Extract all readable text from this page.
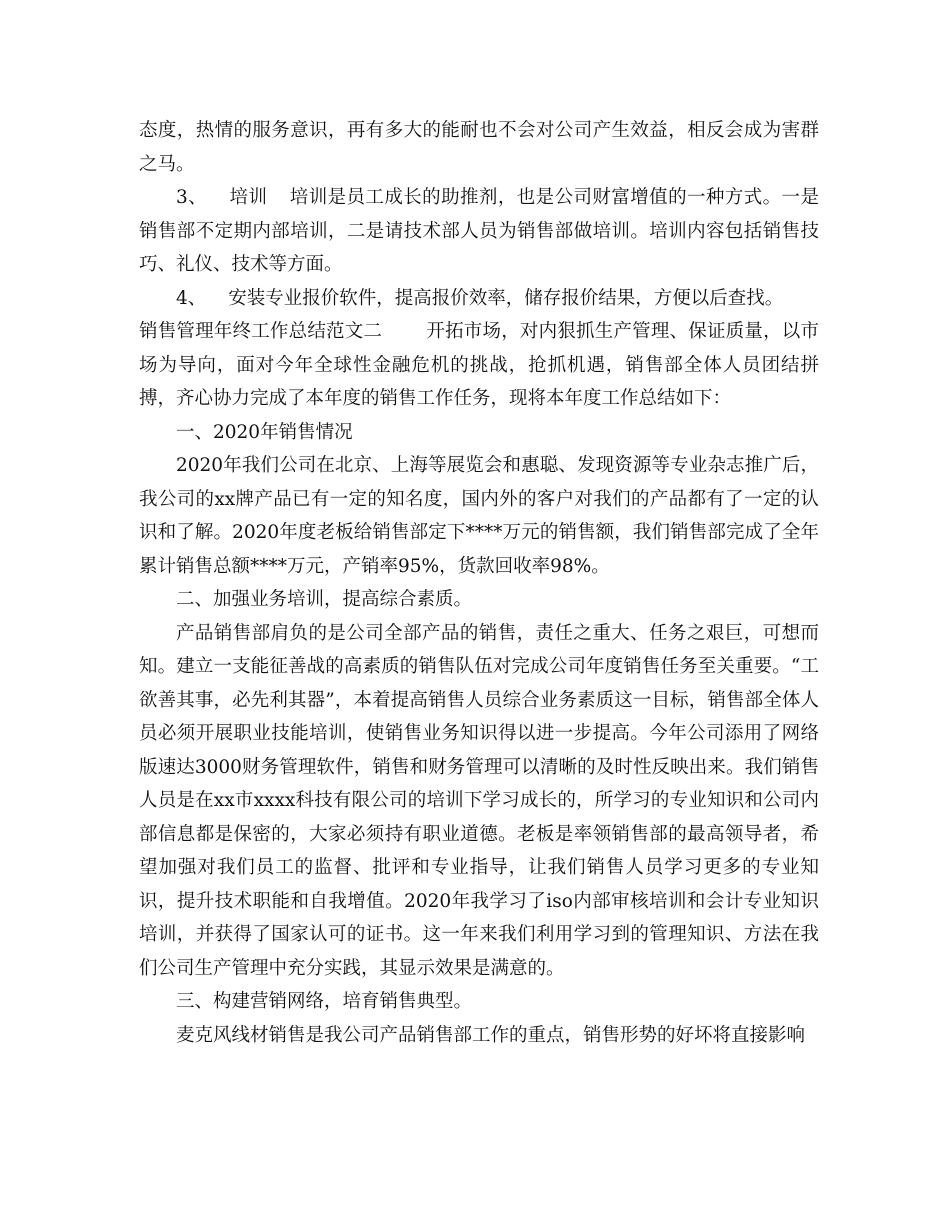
态度，热情的服务意识，再有多大的能耐也不会对公司产生效益，相反会成为害群之马。

3、 培训 培训是员工成长的助推剂，也是公司财富增值的一种方式。一是销售部不定期内部培训，二是请技术部人员为销售部做培训。培训内容包括销售技巧、礼仪、技术等方面。

4、 安装专业报价软件，提高报价效率，储存报价结果，方便以后查找。

销售管理年终工作总结范文二 开拓市场，对内狠抓生产管理、保证质量，以市场为导向，面对今年全球性金融危机的挑战，抢抓机遇，销售部全体人员团结拼搏，齐心协力完成了本年度的销售工作任务，现将本年度工作总结如下：

一、2020年销售情况

2020年我们公司在北京、上海等展览会和惠聪、发现资源等专业杂志推广后，我公司的xx牌产品已有一定的知名度，国内外的客户对我们的产品都有了一定的认识和了解。2020年度老板给销售部定下****万元的销售额，我们销售部完成了全年累计销售总额****万元，产销率95%，货款回收率98%。

二、加强业务培训，提高综合素质。

产品销售部肩负的是公司全部产品的销售，责任之重大、任务之艰巨，可想而知。建立一支能征善战的高素质的销售队伍对完成公司年度销售任务至关重要。“工欲善其事，必先利其器”，本着提高销售人员综合业务素质这一目标，销售部全体人员必须开展职业技能培训，使销售业务知识得以进一步提高。今年公司添用了网络版速达3000财务管理软件，销售和财务管理可以清晰的及时性反映出来。我们销售人员是在xx市xxxx科技有限公司的培训下学习成长的，所学习的专业知识和公司内部信息都是保密的，大家必须持有职业道德。老板是率领销售部的最高领导者，希望加强对我们员工的监督、批评和专业指导，让我们销售人员学习更多的专业知识，提升技术职能和自我增值。2020年我学习了iso内部审核培训和会计专业知识培训，并获得了国家认可的证书。这一年来我们利用学习到的管理知识、方法在我们公司生产管理中充分实践，其显示效果是满意的。

三、构建营销网络，培育销售典型。

麦克风线材销售是我公司产品销售部工作的重点，销售形势的好坏将直接影响
